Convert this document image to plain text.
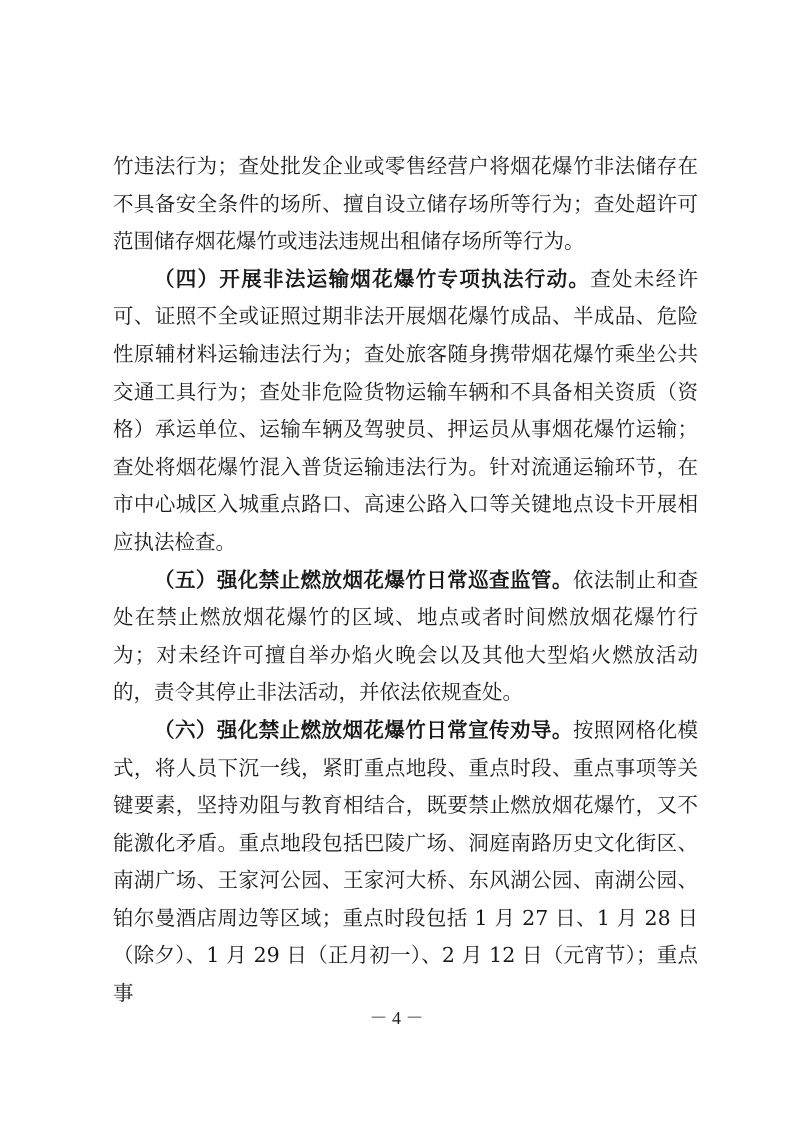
竹违法行为；查处批发企业或零售经营户将烟花爆竹非法储存在不具备安全条件的场所、擅自设立储存场所等行为；查处超许可范围储存烟花爆竹或违法违规出租储存场所等行为。

（四）开展非法运输烟花爆竹专项执法行动。查处未经许可、证照不全或证照过期非法开展烟花爆竹成品、半成品、危险性原辅材料运输违法行为；查处旅客随身携带烟花爆竹乘坐公共交通工具行为；查处非危险货物运输车辆和不具备相关资质（资格）承运单位、运输车辆及驾驶员、押运员从事烟花爆竹运输；查处将烟花爆竹混入普货运输违法行为。针对流通运输环节，在市中心城区入城重点路口、高速公路入口等关键地点设卡开展相应执法检查。

（五）强化禁止燃放烟花爆竹日常巡查监管。依法制止和查处在禁止燃放烟花爆竹的区域、地点或者时间燃放烟花爆竹行为；对未经许可擅自举办焰火晚会以及其他大型焰火燃放活动的，责令其停止非法活动，并依法依规查处。

（六）强化禁止燃放烟花爆竹日常宣传劝导。按照网格化模式，将人员下沉一线，紧盯重点地段、重点时段、重点事项等关键要素，坚持劝阻与教育相结合，既要禁止燃放烟花爆竹，又不能激化矛盾。重点地段包括巴陵广场、洞庭南路历史文化街区、南湖广场、王家河公园、王家河大桥、东风湖公园、南湖公园、铂尔曼酒店周边等区域；重点时段包括 1 月 27 日、1 月 28 日（除夕）、1 月 29 日（正月初一）、2 月 12 日（元宵节）；重点事

－ 4 －
